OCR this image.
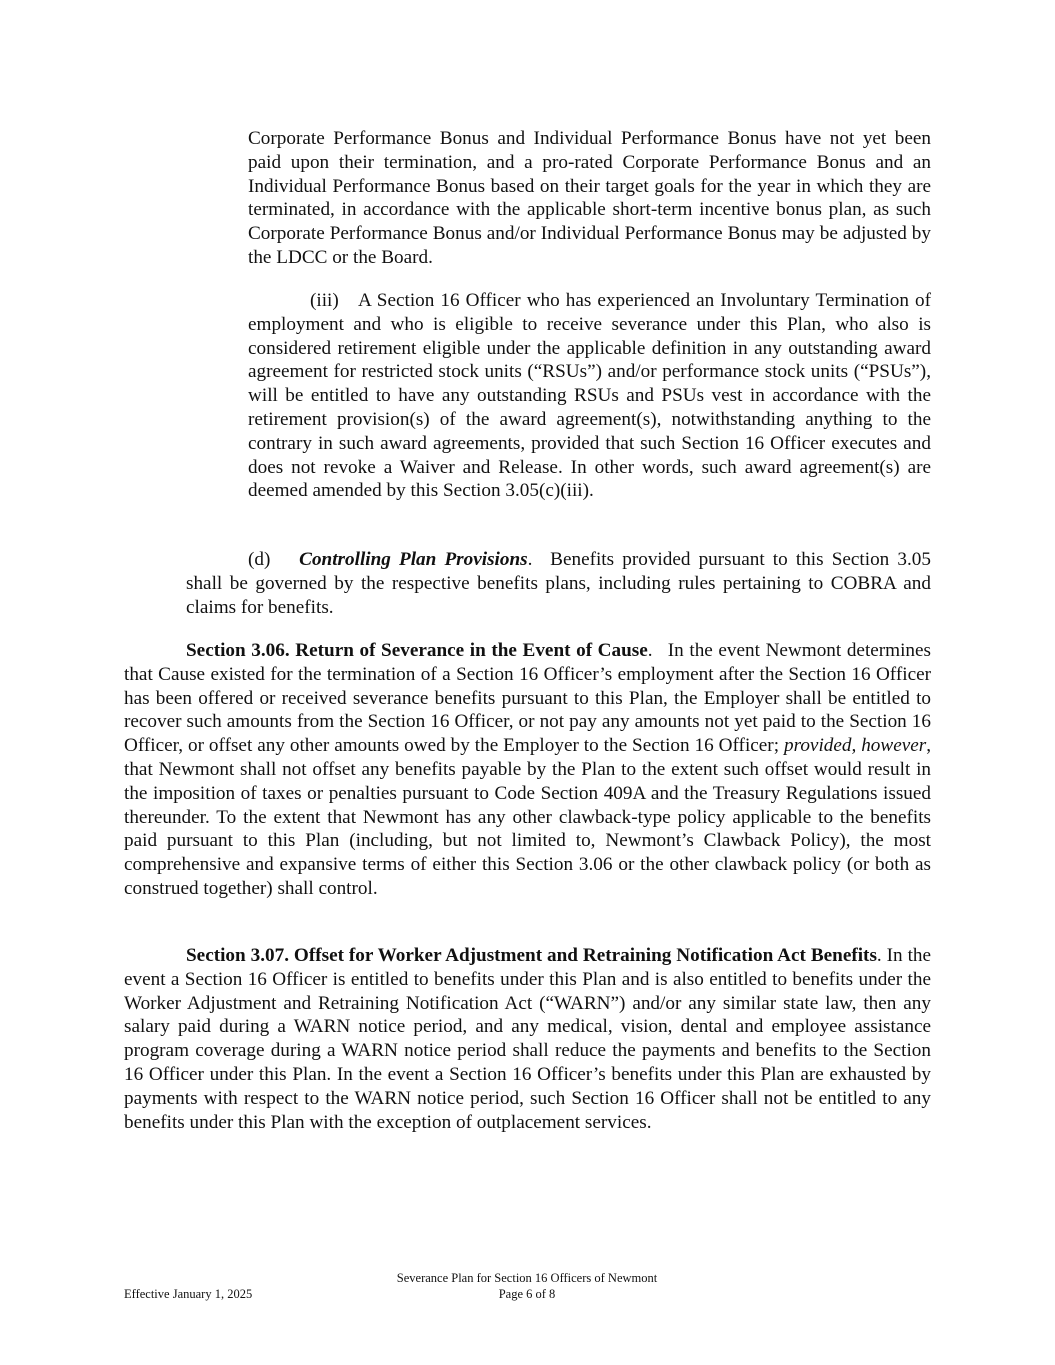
Corporate Performance Bonus and Individual Performance Bonus have not yet been paid upon their termination, and a pro-rated Corporate Performance Bonus and an Individual Performance Bonus based on their target goals for the year in which they are terminated, in accordance with the applicable short-term incentive bonus plan, as such Corporate Performance Bonus and/or Individual Performance Bonus may be adjusted by the LDCC or the Board.

(iii) A Section 16 Officer who has experienced an Involuntary Termination of employment and who is eligible to receive severance under this Plan, who also is considered retirement eligible under the applicable definition in any outstanding award agreement for restricted stock units (“RSUs”) and/or performance stock units (“PSUs”), will be entitled to have any outstanding RSUs and PSUs vest in accordance with the retirement provision(s) of the award agreement(s), notwithstanding anything to the contrary in such award agreements, provided that such Section 16 Officer executes and does not revoke a Waiver and Release. In other words, such award agreement(s) are deemed amended by this Section 3.05(c)(iii).

(d)   Controlling Plan Provisions.  Benefits provided pursuant to this Section 3.05 shall be governed by the respective benefits plans, including rules pertaining to COBRA and claims for benefits.

Section 3.06. Return of Severance in the Event of Cause.  In the event Newmont determines that Cause existed for the termination of a Section 16 Officer’s employment after the Section 16 Officer has been offered or received severance benefits pursuant to this Plan, the Employer shall be entitled to recover such amounts from the Section 16 Officer, or not pay any amounts not yet paid to the Section 16 Officer, or offset any other amounts owed by the Employer to the Section 16 Officer; provided, however, that Newmont shall not offset any benefits payable by the Plan to the extent such offset would result in the imposition of taxes or penalties pursuant to Code Section 409A and the Treasury Regulations issued thereunder. To the extent that Newmont has any other clawback-type policy applicable to the benefits paid pursuant to this Plan (including, but not limited to, Newmont’s Clawback Policy), the most comprehensive and expansive terms of either this Section 3.06 or the other clawback policy (or both as construed together) shall control.

Section 3.07. Offset for Worker Adjustment and Retraining Notification Act Benefits. In the event a Section 16 Officer is entitled to benefits under this Plan and is also entitled to benefits under the Worker Adjustment and Retraining Notification Act (“WARN”) and/or any similar state law, then any salary paid during a WARN notice period, and any medical, vision, dental and employee assistance program coverage during a WARN notice period shall reduce the payments and benefits to the Section 16 Officer under this Plan. In the event a Section 16 Officer’s benefits under this Plan are exhausted by payments with respect to the WARN notice period, such Section 16 Officer shall not be entitled to any benefits under this Plan with the exception of outplacement services.

Effective January 1, 2025
Severance Plan for Section 16 Officers of Newmont
Page 6 of 8
